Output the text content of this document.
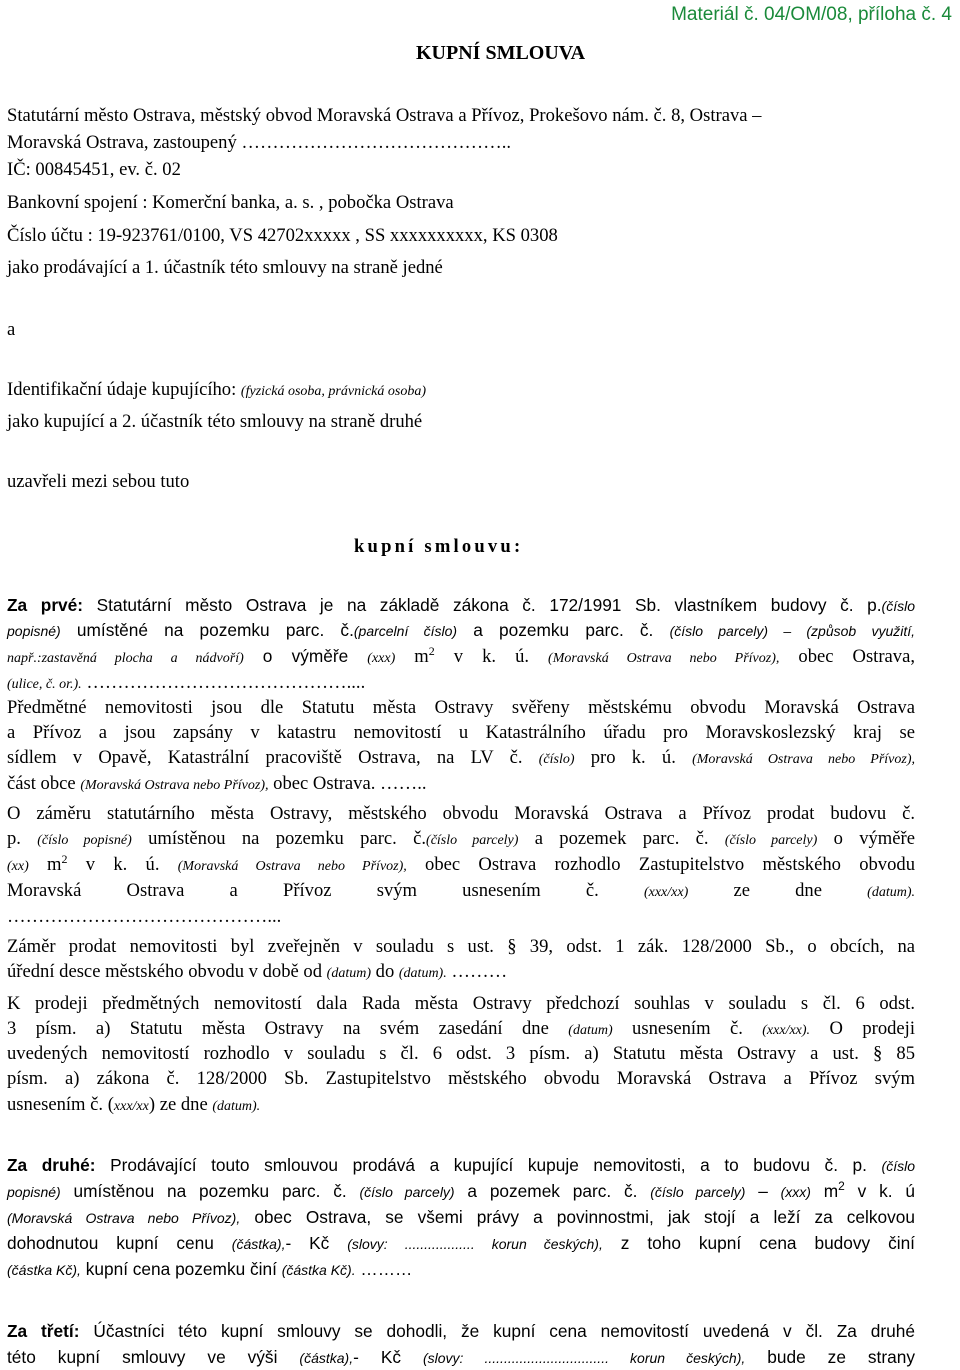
Materiál č. 04/OM/08, příloha č. 4
KUPNÍ SMLOUVA
Statutární město Ostrava, městský obvod Moravská Ostrava a Přívoz, Prokešovo nám. č. 8, Ostrava –
Moravská Ostrava, zastoupený ……………………………………..
IČ: 00845451, ev. č. 02
Bankovní spojení : Komerční banka, a. s. , pobočka Ostrava
Číslo účtu : 19-923761/0100, VS 42702xxxxx , SS xxxxxxxxxx, KS 0308
jako prodávající a 1. účastník této smlouvy na straně jedné
a
Identifikační údaje kupujícího: (fyzická osoba, právnická osoba)
jako kupující a 2. účastník této smlouvy na straně druhé
uzavřeli mezi sebou tuto
kupní smlouvu:
Za prvé: Statutární město Ostrava je na základě zákona č. 172/1991 Sb. vlastníkem budovy č. p.(číslo
popisné) umístěné na pozemku parc. č.(parcelní číslo) a pozemku parc. č. (číslo parcely) – (způsob využití,
např.:zastavěná plocha a nádvoří) o výměře (xxx) $m^2$ v k. ú. (Moravská Ostrava nebo Přívoz), obec Ostrava,
(ulice, č. or.). ……………………………………....
Předmětné nemovitosti jsou dle Statutu města Ostravy svěřeny městskému obvodu Moravská Ostrava
a Přívoz a jsou zapsány v katastru nemovitostí u Katastrálního úřadu pro Moravskoslezský kraj se
sídlem v Opavě, Katastrální pracoviště Ostrava, na LV č. (číslo) pro k. ú. (Moravská Ostrava nebo Přívoz),
část obce (Moravská Ostrava nebo Přívoz), obec Ostrava. ……..
O záměru statutárního města Ostravy, městského obvodu Moravská Ostrava a Přívoz prodat budovu č.
p. (číslo popisné) umístěnou na pozemku parc. č.(číslo parcely) a pozemek parc. č. (číslo parcely) o výměře
(xx) $m^2$ v k. ú. (Moravská Ostrava nebo Přívoz), obec Ostrava rozhodlo Zastupitelstvo městského obvodu
Moravská Ostrava a Přívoz svým usnesením č.	(xxx/xx) ze dne	(datum).
……………………………………...
Záměr prodat nemovitosti byl zveřejněn v souladu s ust. § 39, odst. 1 zák. 128/2000 Sb., o obcích, na
úřední desce městského obvodu v době od (datum) do (datum). ………
K prodeji předmětných nemovitostí dala Rada města Ostravy předchozí souhlas v souladu s čl. 6 odst.
3 písm. a) Statutu města Ostravy na svém zasedání dne (datum) usnesením č. (xxx/xx). O prodeji
uvedených nemovitostí rozhodlo v souladu s čl. 6 odst. 3 písm. a) Statutu města Ostravy a ust. § 85
písm. a) zákona č. 128/2000 Sb. Zastupitelstvo městského obvodu Moravská Ostrava a Přívoz svým
usnesením č. (xxx/xx) ze dne (datum).
Za druhé: Prodávající touto smlouvou prodává a kupující kupuje nemovitosti, a to budovu č. p. (číslo
popisné) umístěnou na pozemku parc. č. (číslo parcely) a pozemek parc. č. (číslo parcely) – (xxx) $m^2$ v k. ú
(Moravská Ostrava nebo Přívoz), obec Ostrava, se všemi právy a povinnostmi, jak stojí a leží za celkovou
dohodnutou kupní cenu (částka),- Kč (slovy: .................. korun českých), z toho kupní cena budovy činí
(částka Kč), kupní cena pozemku činí (částka Kč). ………
Za třetí: Účastníci této kupní smlouvy se dohodli, že kupní cena nemovitostí uvedená v čl. Za druhé
této kupní smlouvy ve výši (částka),- Kč (slovy: ................................ korun českých), bude ze strany
